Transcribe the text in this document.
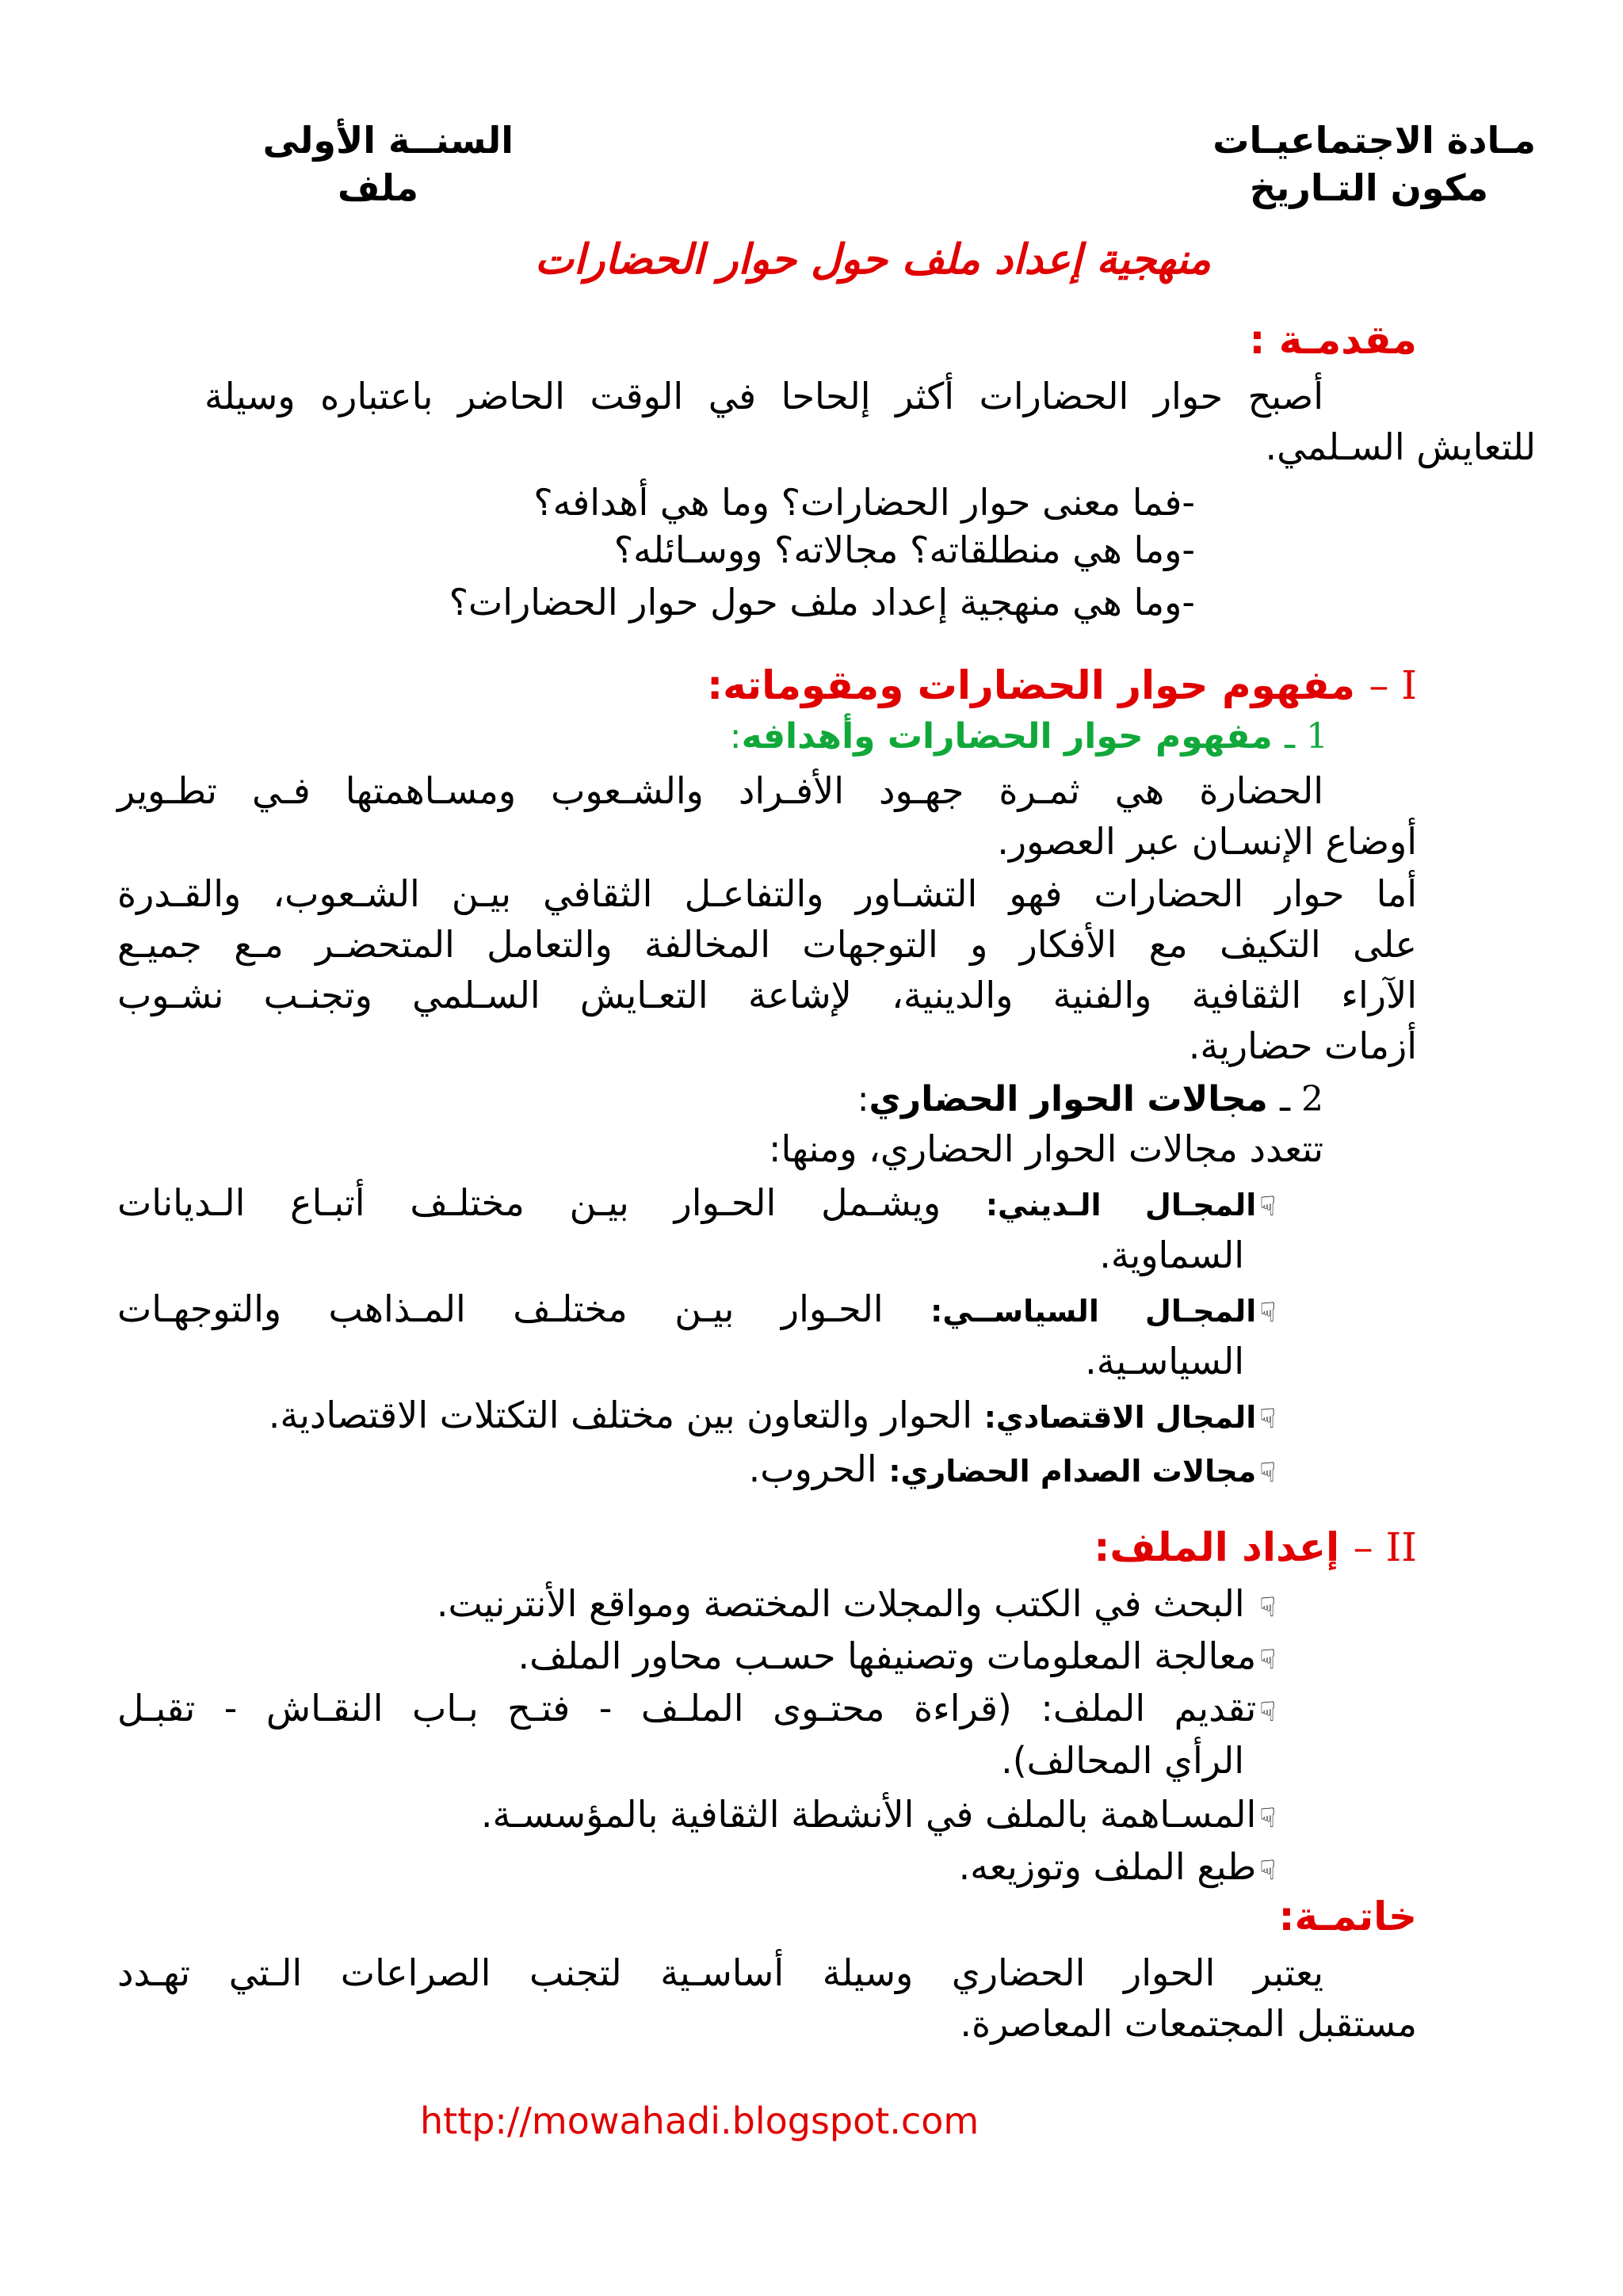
مـادة الاجتماعيـات
مكون التـاريخ
السنــة الأولى
ملف
منهجية إعداد ملف حول حوار الحضارات
مقدمـة :
أصبح حوار الحضارات أكثر إلحاحا في الوقت الحاضر باعتباره وسيلة
للتعايش السـلمي.
-فما معنى حوار الحضارات؟ وما هي أهدافه؟
-وما هي منطلقاته؟ مجالاته؟ ووسـائله؟
-وما هي منهجية إعداد ملف حول حوار الحضارات؟
I – مفهوم حوار الحضارات ومقوماته:
1 ـ مفهوم حوار الحضارات وأهدافه:
الحضارة هي ثمـرة جهـود الأفـراد والشـعوب ومسـاهمتها فـي تطـوير
أوضاع الإنسـان عبر العصور.
أما حوار الحضارات فهو التشـاور والتفاعـل الثقافي بيـن الشـعوب، والقـدرة
على التكيف مع الأفكار و التوجهات المخالفة والتعامل المتحضـر مـع جميـع
الآراء الثقافية والفنية والدينية، لإشاعة التعـايش السـلمي وتجنـب نشـوب
أزمات حضارية.
2 ـ مجالات الحوار الحضاري:
تتعدد مجالات الحوار الحضاري، ومنها:
☟المجـال الـديني: ويشـمل الحـوار بيـن مختلـف أتبـاع الـديانات
السماوية.
☟المجـال السياســي: الحـوار بيـن مختلـف المـذاهب والتوجهـات
السياسـية.
☟المجال الاقتصادي: الحوار والتعاون بين مختلف التكتلات الاقتصادية.
☟مجالات الصدام الحضاري: الحروب.
II – إعداد الملف:
☟ البحث في الكتب والمجلات المختصة ومواقع الأنترنيت.
☟معالجة المعلومات وتصنيفها حسـب محاور الملف.
☟تقديم الملف: (قراءة محتـوى الملـف - فتـح بـاب النقـاش - تقبـل
الرأي المحالف).
☟المسـاهمة بالملف في الأنشطة الثقافية بالمؤسسـة.
☟طبع الملف وتوزيعه.
خاتمـة:
يعتبر الحوار الحضاري وسيلة أساسـية لتجنب الصراعات الـتي تهـدد
مستقبل المجتمعات المعاصرة.
http://mowahadi.blogspot.com
